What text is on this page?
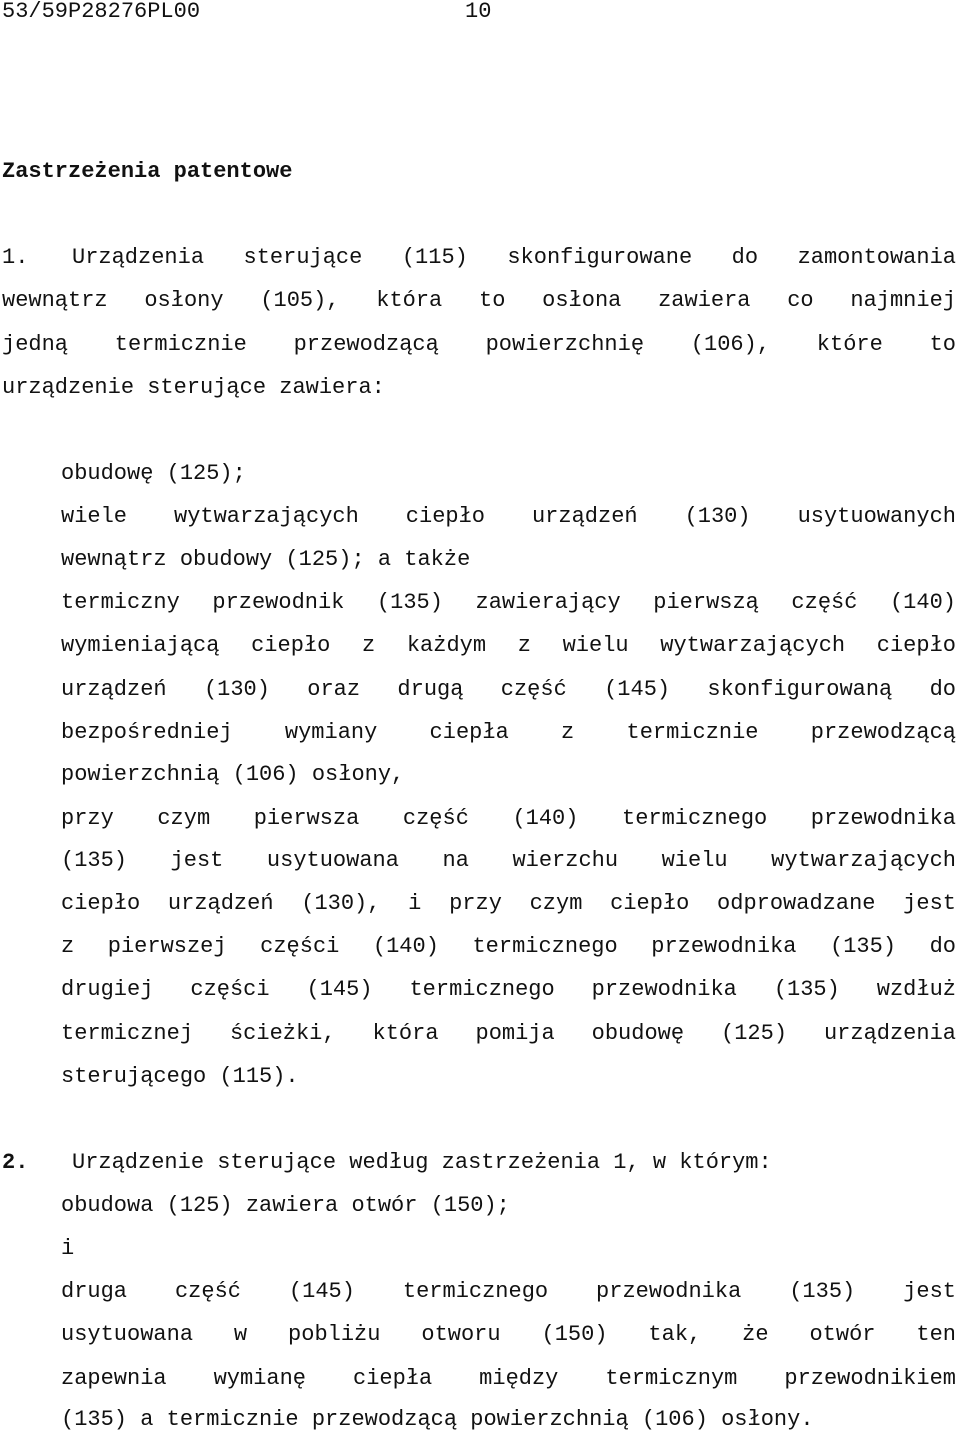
53/59P28276PL00	10
Zastrzeżenia patentowe
1. Urządzenia sterujące (115) skonfigurowane do zamontowania
wewnątrz osłony (105), która to osłona zawiera co najmniej
jedną termicznie przewodzącą powierzchnię (106), które to
urządzenie sterujące zawiera:
obudowę (125);
wiele wytwarzających ciepło urządzeń (130) usytuowanych
wewnątrz obudowy (125); a także
termiczny przewodnik (135) zawierający pierwszą część (140)
wymieniającą ciepło z każdym z wielu wytwarzających ciepło
urządzeń (130) oraz drugą część (145) skonfigurowaną do
bezpośredniej wymiany ciepła z termicznie przewodzącą
powierzchnią (106) osłony,
przy czym pierwsza część (140) termicznego przewodnika
(135) jest usytuowana na wierzchu wielu wytwarzających
ciepło urządzeń (130), i przy czym ciepło odprowadzane jest
z pierwszej części (140) termicznego przewodnika (135) do
drugiej części (145) termicznego przewodnika (135) wzdłuż
termicznej ścieżki, która pomija obudowę (125) urządzenia
sterującego (115).
2. Urządzenie sterujące według zastrzeżenia 1, w którym:
obudowa (125) zawiera otwór (150);
i
druga część (145) termicznego przewodnika (135) jest
usytuowana w pobliżu otworu (150) tak, że otwór ten
zapewnia wymianę ciepła między termicznym przewodnikiem
(135) a termicznie przewodzącą powierzchnią (106) osłony.
